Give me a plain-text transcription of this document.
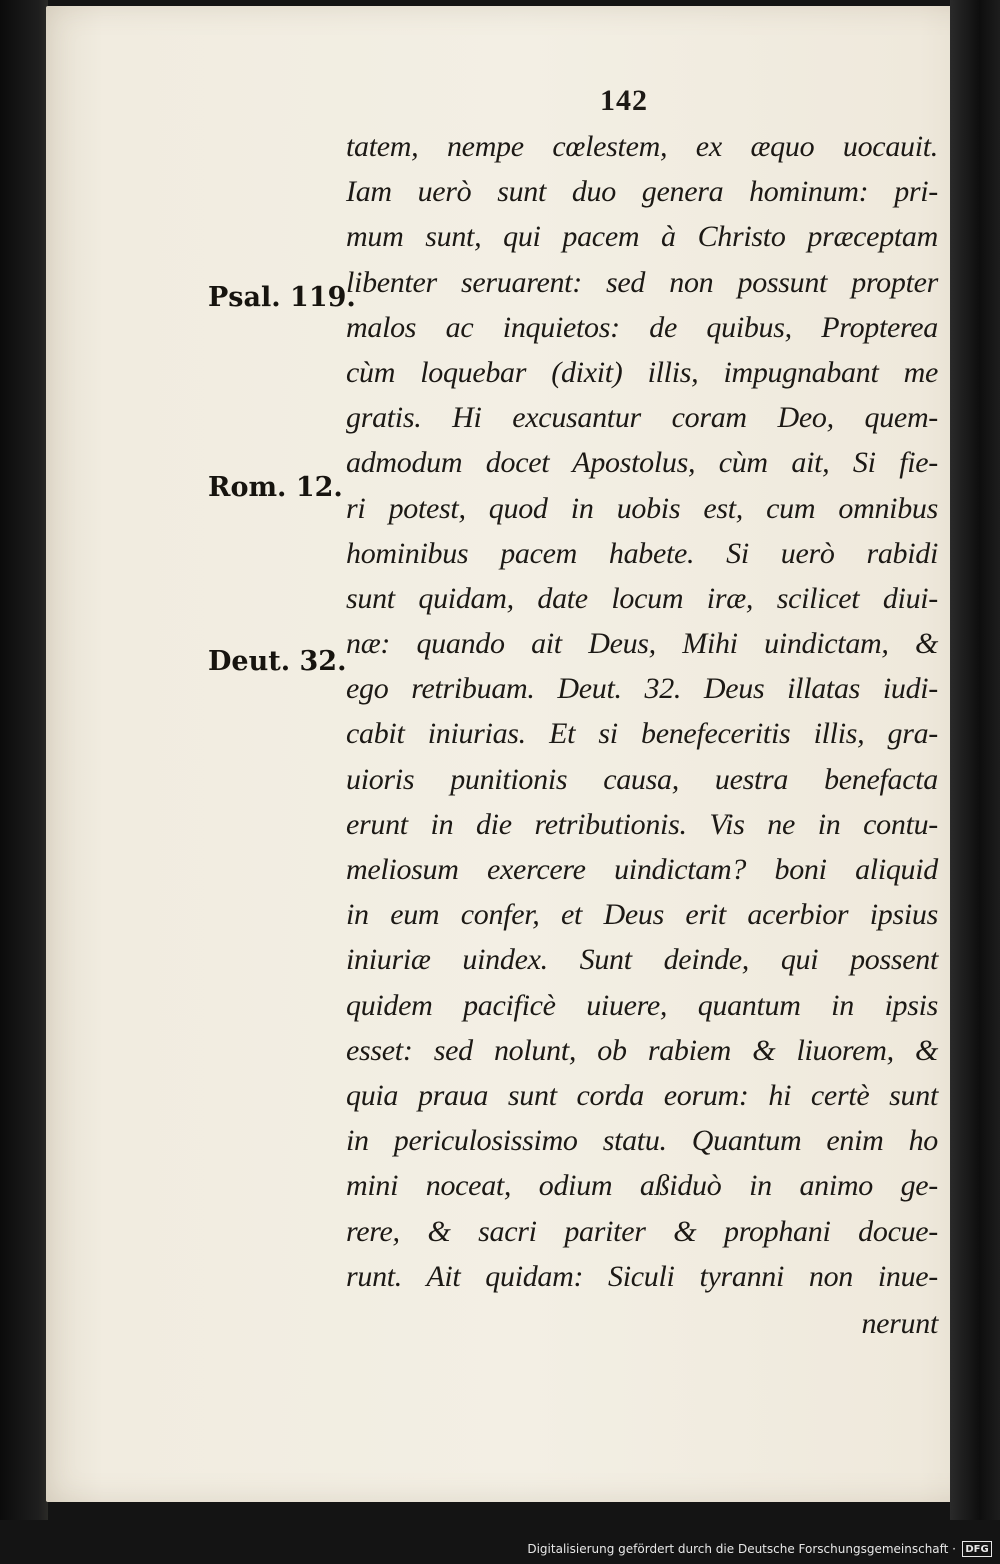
142
tatem, nempe cœlestem, ex æquo uocauit.
Iam uerò sunt duo genera hominum: pri-
mum sunt, qui pacem à Christo præceptam
libenter seruarent: sed non possunt propter
malos ac inquietos: de quibus, Propterea
cùm loquebar (dixit) illis, impugnabant me
gratis. Hi excusantur coram Deo, quem-
admodum docet Apostolus, cùm ait, Si fie-
ri potest, quod in uobis est, cum omnibus
hominibus pacem habete. Si uerò rabidi
sunt quidam, date locum iræ, scilicet diui-
næ: quando ait Deus, Mihi uindictam, &
ego retribuam. Deut. 32. Deus illatas iudi-
cabit iniurias. Et si benefeceritis illis, gra-
uioris punitionis causa, uestra benefacta
erunt in die retributionis. Vis ne in contu-
meliosum exercere uindictam? boni aliquid
in eum confer, et Deus erit acerbior ipsius
iniuriæ uindex. Sunt deinde, qui possent
quidem pacificè uiuere, quantum in ipsis
esset: sed nolunt, ob rabiem & liuorem, &
quia praua sunt corda eorum: hi certè sunt
in periculosissimo statu. Quantum enim ho
mini noceat, odium aßiduò in animo ge-
rere, & sacri pariter & prophani docue-
runt. Ait quidam: Siculi tyranni non inue-
nerunt
Psal. 119.
Rom. 12.
Deut. 32.
Digitalisierung gefördert durch die Deutsche Forschungsgemeinschaft · DFG
